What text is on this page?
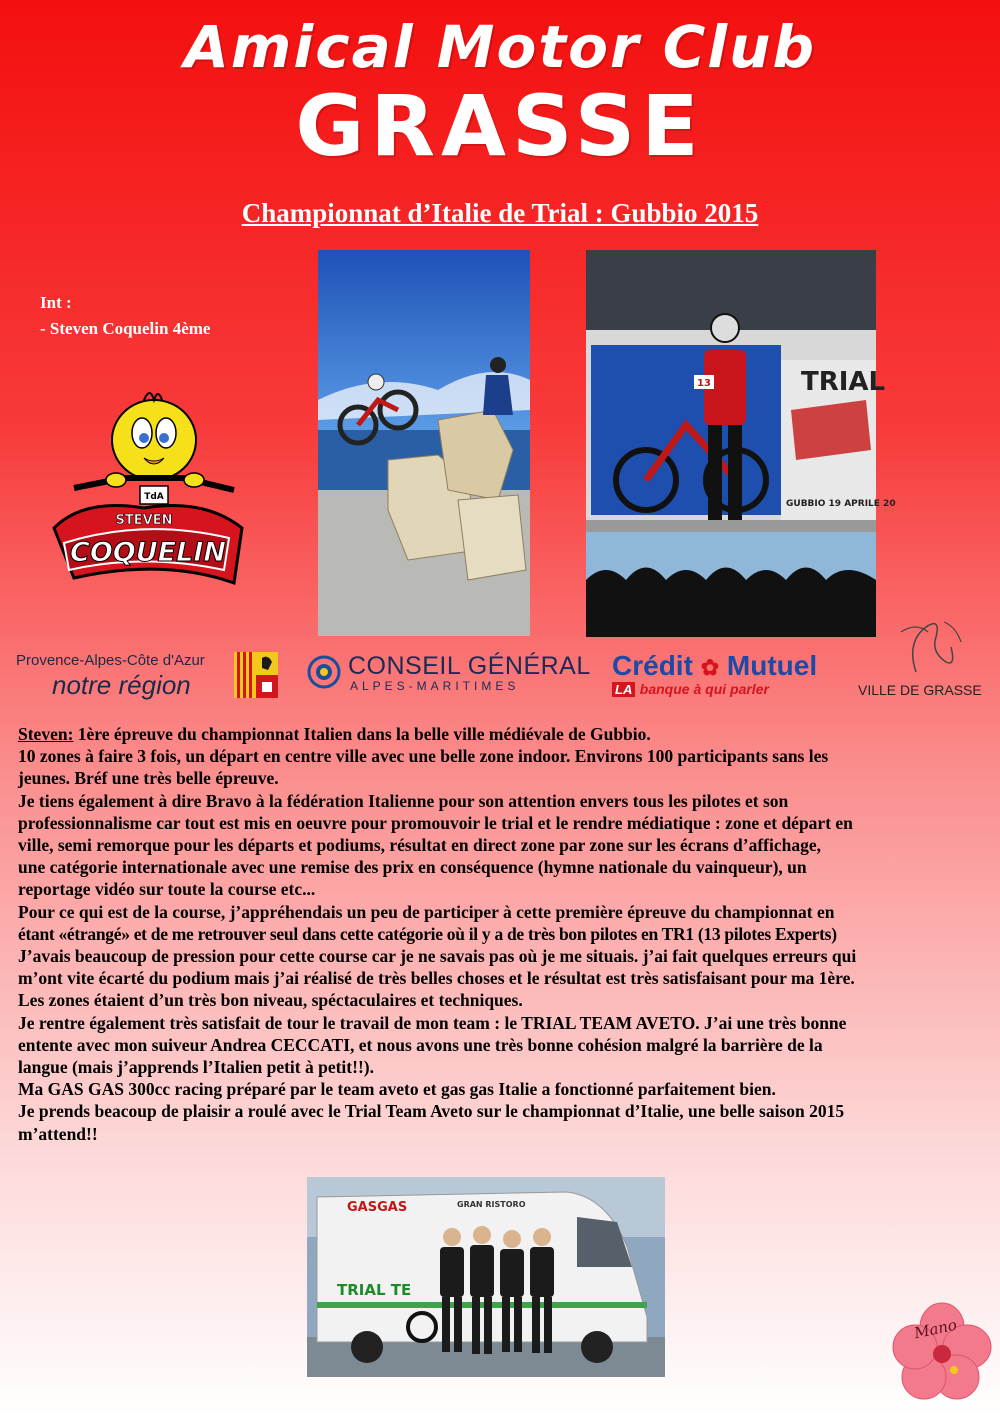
Amical Motor Club
GRASSE
Championnat d’Italie de Trial : Gubbio 2015
Int :
- Steven Coquelin 4ème
STEVEN
COQUELIN
TdA
TRIAL
GUBBIO 19 APRILE 20
13
Provence-Alpes-Côte d'Azur
notre région
CONSEIL GÉNÉRAL
ALPES-MARITIMES
Crédit ✿ Mutuel
LA banque à qui parler	VILLE DE GRASSE

Steven: 1ère épreuve du championnat Italien dans la belle ville médiévale de Gubbio.

10 zones à faire 3 fois, un départ en centre ville avec une belle zone indoor. Environs 100 participants sans les

jeunes. Bréf une très belle épreuve.

Je tiens également à dire Bravo à la fédération Italienne pour son attention envers tous les pilotes et son

professionnalisme car tout est mis en oeuvre pour promouvoir le trial et le rendre médiatique : zone et départ en

ville, semi remorque pour les départs et podiums, résultat en direct zone par zone sur les écrans d’affichage,

une catégorie internationale avec une remise des prix en conséquence (hymne nationale du vainqueur), un

reportage vidéo sur toute la course etc...

Pour ce qui est de la course, j’appréhendais un peu de participer à cette première épreuve du championnat en

étant «étrangé» et de me retrouver seul dans cette catégorie où il y a de très bon pilotes en TR1 (13 pilotes Experts)

J’avais beaucoup de pression pour cette course car je ne savais pas où je me situais. j’ai fait quelques erreurs qui

m’ont vite écarté du podium mais j’ai réalisé de très belles choses et le résultat est très satisfaisant pour ma 1ère.

Les zones étaient d’un très bon niveau, spéctaculaires et techniques.

Je rentre également très satisfait de tour le travail de mon team : le TRIAL TEAM AVETO. J’ai une très bonne

entente avec mon suiveur Andrea CECCATI, et nous avons une très bonne cohésion malgré la barrière de la

langue (mais j’apprends l’Italien petit à petit!!).

Ma GAS GAS 300cc racing préparé par le team aveto et gas gas Italie a fonctionné parfaitement bien.

Je prends beacoup de plaisir a roulé avec le Trial Team Aveto sur le championnat d’Italie, une belle saison 2015

m’attend!!

GASGAS	GRAN RISTORO
TRIAL TE
Mano
